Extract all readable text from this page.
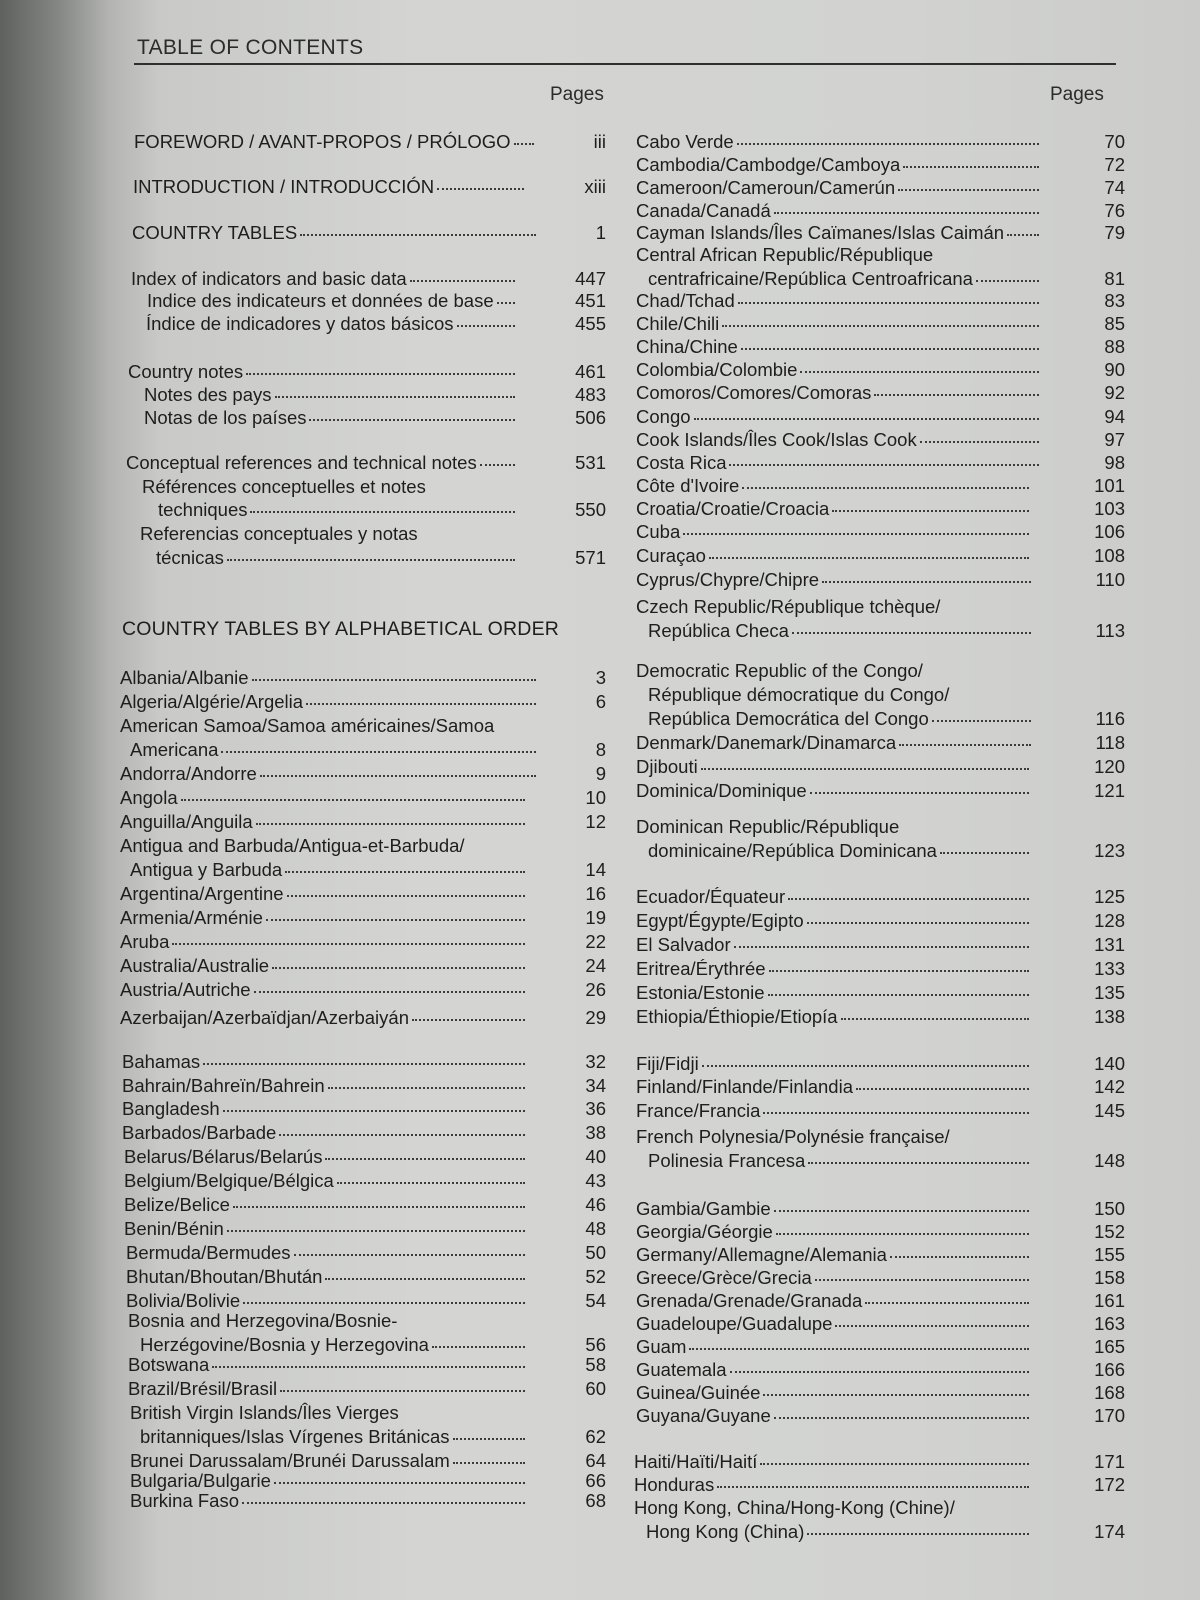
TABLE OF CONTENTS
Pages	Pages
FOREWORD / AVANT-PROPOS / PRÓLOGO	iii
INTRODUCTION / INTRODUCCIÓN	xiii
COUNTRY TABLES	1
Index of indicators and basic data	447
Indice des indicateurs et données de base	451
Índice de indicadores y datos básicos	455
Country notes	461
Notes des pays	483
Notas de los países	506
Conceptual references and technical notes	531
Références conceptuelles et notes
techniques	550
Referencias conceptuales y notas
técnicas	571
Albania/Albanie	3
Algeria/Algérie/Argelia	6
American Samoa/Samoa américaines/Samoa
Americana	8
Andorra/Andorre	9
Angola	10
Anguilla/Anguila	12
Antigua and Barbuda/Antigua-et-Barbuda/
Antigua y Barbuda	14
Argentina/Argentine	16
Armenia/Arménie	19
Aruba	22
Australia/Australie	24
Austria/Autriche	26
Azerbaijan/Azerbaïdjan/Azerbaiyán	29
Bahamas	32
Bahrain/Bahreïn/Bahrein	34
Bangladesh	36
Barbados/Barbade	38
Belarus/Bélarus/Belarús	40
Belgium/Belgique/Bélgica	43
Belize/Belice	46
Benin/Bénin	48
Bermuda/Bermudes	50
Bhutan/Bhoutan/Bhután	52
Bolivia/Bolivie	54
Bosnia and Herzegovina/Bosnie-
Herzégovine/Bosnia y Herzegovina	56
Botswana	58
Brazil/Brésil/Brasil	60
British Virgin Islands/Îles Vierges
britanniques/Islas Vírgenes Británicas	62
Brunei Darussalam/Brunéi Darussalam	64
Bulgaria/Bulgarie	66
Burkina Faso	68
COUNTRY TABLES BY ALPHABETICAL ORDER
Cabo Verde	70
Cambodia/Cambodge/Camboya	72
Cameroon/Cameroun/Camerún	74
Canada/Canadá	76
Cayman Islands/Îles Caïmanes/Islas Caimán	79
Central African Republic/République
centrafricaine/República Centroafricana	81
Chad/Tchad	83
Chile/Chili	85
China/Chine	88
Colombia/Colombie	90
Comoros/Comores/Comoras	92
Congo	94
Cook Islands/Îles Cook/Islas Cook	97
Costa Rica	98
Côte d'Ivoire	101
Croatia/Croatie/Croacia	103
Cuba	106
Curaçao	108
Cyprus/Chypre/Chipre	110
Czech Republic/République tchèque/
República Checa	113
Democratic Republic of the Congo/
République démocratique du Congo/
República Democrática del Congo	116
Denmark/Danemark/Dinamarca	118
Djibouti	120
Dominica/Dominique	121
Dominican Republic/République
dominicaine/República Dominicana	123
Ecuador/Équateur	125
Egypt/Égypte/Egipto	128
El Salvador	131
Eritrea/Érythrée	133
Estonia/Estonie	135
Ethiopia/Éthiopie/Etiopía	138
Fiji/Fidji	140
Finland/Finlande/Finlandia	142
France/Francia	145
French Polynesia/Polynésie française/
Polinesia Francesa	148
Gambia/Gambie	150
Georgia/Géorgie	152
Germany/Allemagne/Alemania	155
Greece/Grèce/Grecia	158
Grenada/Grenade/Granada	161
Guadeloupe/Guadalupe	163
Guam	165
Guatemala	166
Guinea/Guinée	168
Guyana/Guyane	170
Haiti/Haïti/Haití	171
Honduras	172
Hong Kong, China/Hong-Kong (Chine)/
Hong Kong (China)	174
